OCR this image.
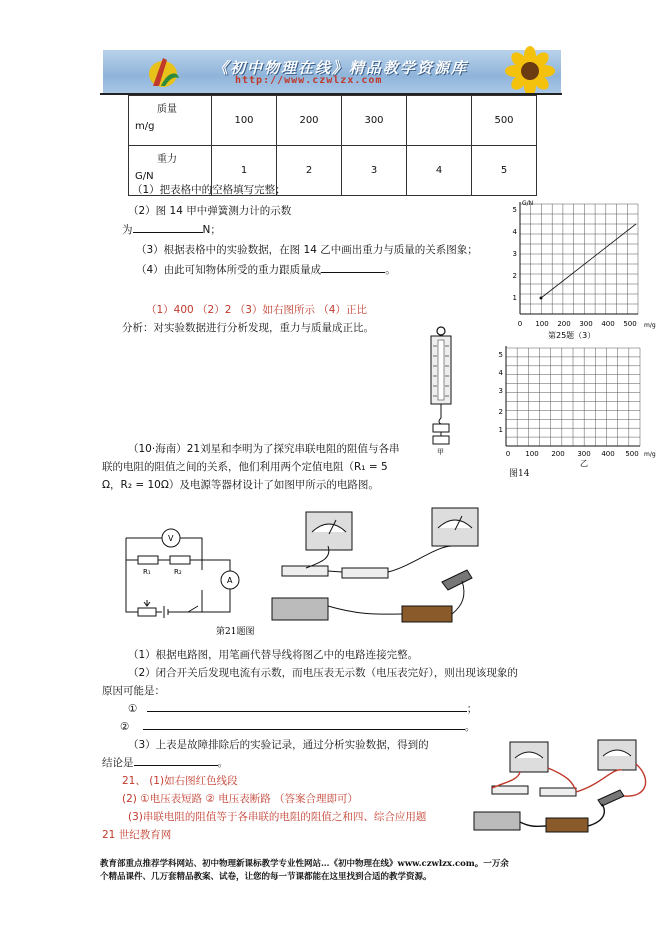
《初中物理在线》精品教学资源库
http://www.czwlzx.com
质量
m/g	100	200	300		500

重力
G/N	1	2	3	4	5
（1）把表格中的空格填写完整；
（2）图 14 甲中弹簧测力计的示数
为	N；
（3）根据表格中的实验数据，在图 14 乙中画出重力与质量的关系图象；
（4）由此可知物体所受的重力跟质量成	。
（1）400 （2）2 （3）如右图所示 （4）正比
分析：对实验数据进行分析发现，重力与质量成正比。
G/N
m/g
1
2
3
4
5
0 100 200 300 400 500
第25题（3）
甲
1
2
3
4
5
0 100 200 300 400 500 m/g
乙
图14
（10·海南）21刘星和李明为了探究串联电阻的阻值与各串
联的电阻的阻值之间的关系，他们利用两个定值电阻（R₁ = 5
Ω，R₂ = 10Ω）及电源等器材设计了如图甲所示的电路图。
V
A
R₁	R₂
第21题图
（1）根据电路图，用笔画代替导线将图乙中的电路连接完整。
（2）闭合开关后发现电流有示数，而电压表无示数（电压表完好），则出现该现象的
原因可能是：
①	；
②	。
（3）上表是故障排除后的实验记录，通过分析实验数据，得到的
结论是	。
21、 (1)如右图红色线段
(2) ①电压表短路 ② 电压表断路 （答案合理即可）
(3)串联电阻的阻值等于各串联的电阻的阻值之和四、综合应用题
21 世纪教育网
教育部重点推荐学科网站、初中物理新课标教学专业性网站…《初中物理在线》www.czwlzx.com。一万余
个精品课件、几万套精品教案、试卷，让您的每一节课都能在这里找到合适的教学资源。
